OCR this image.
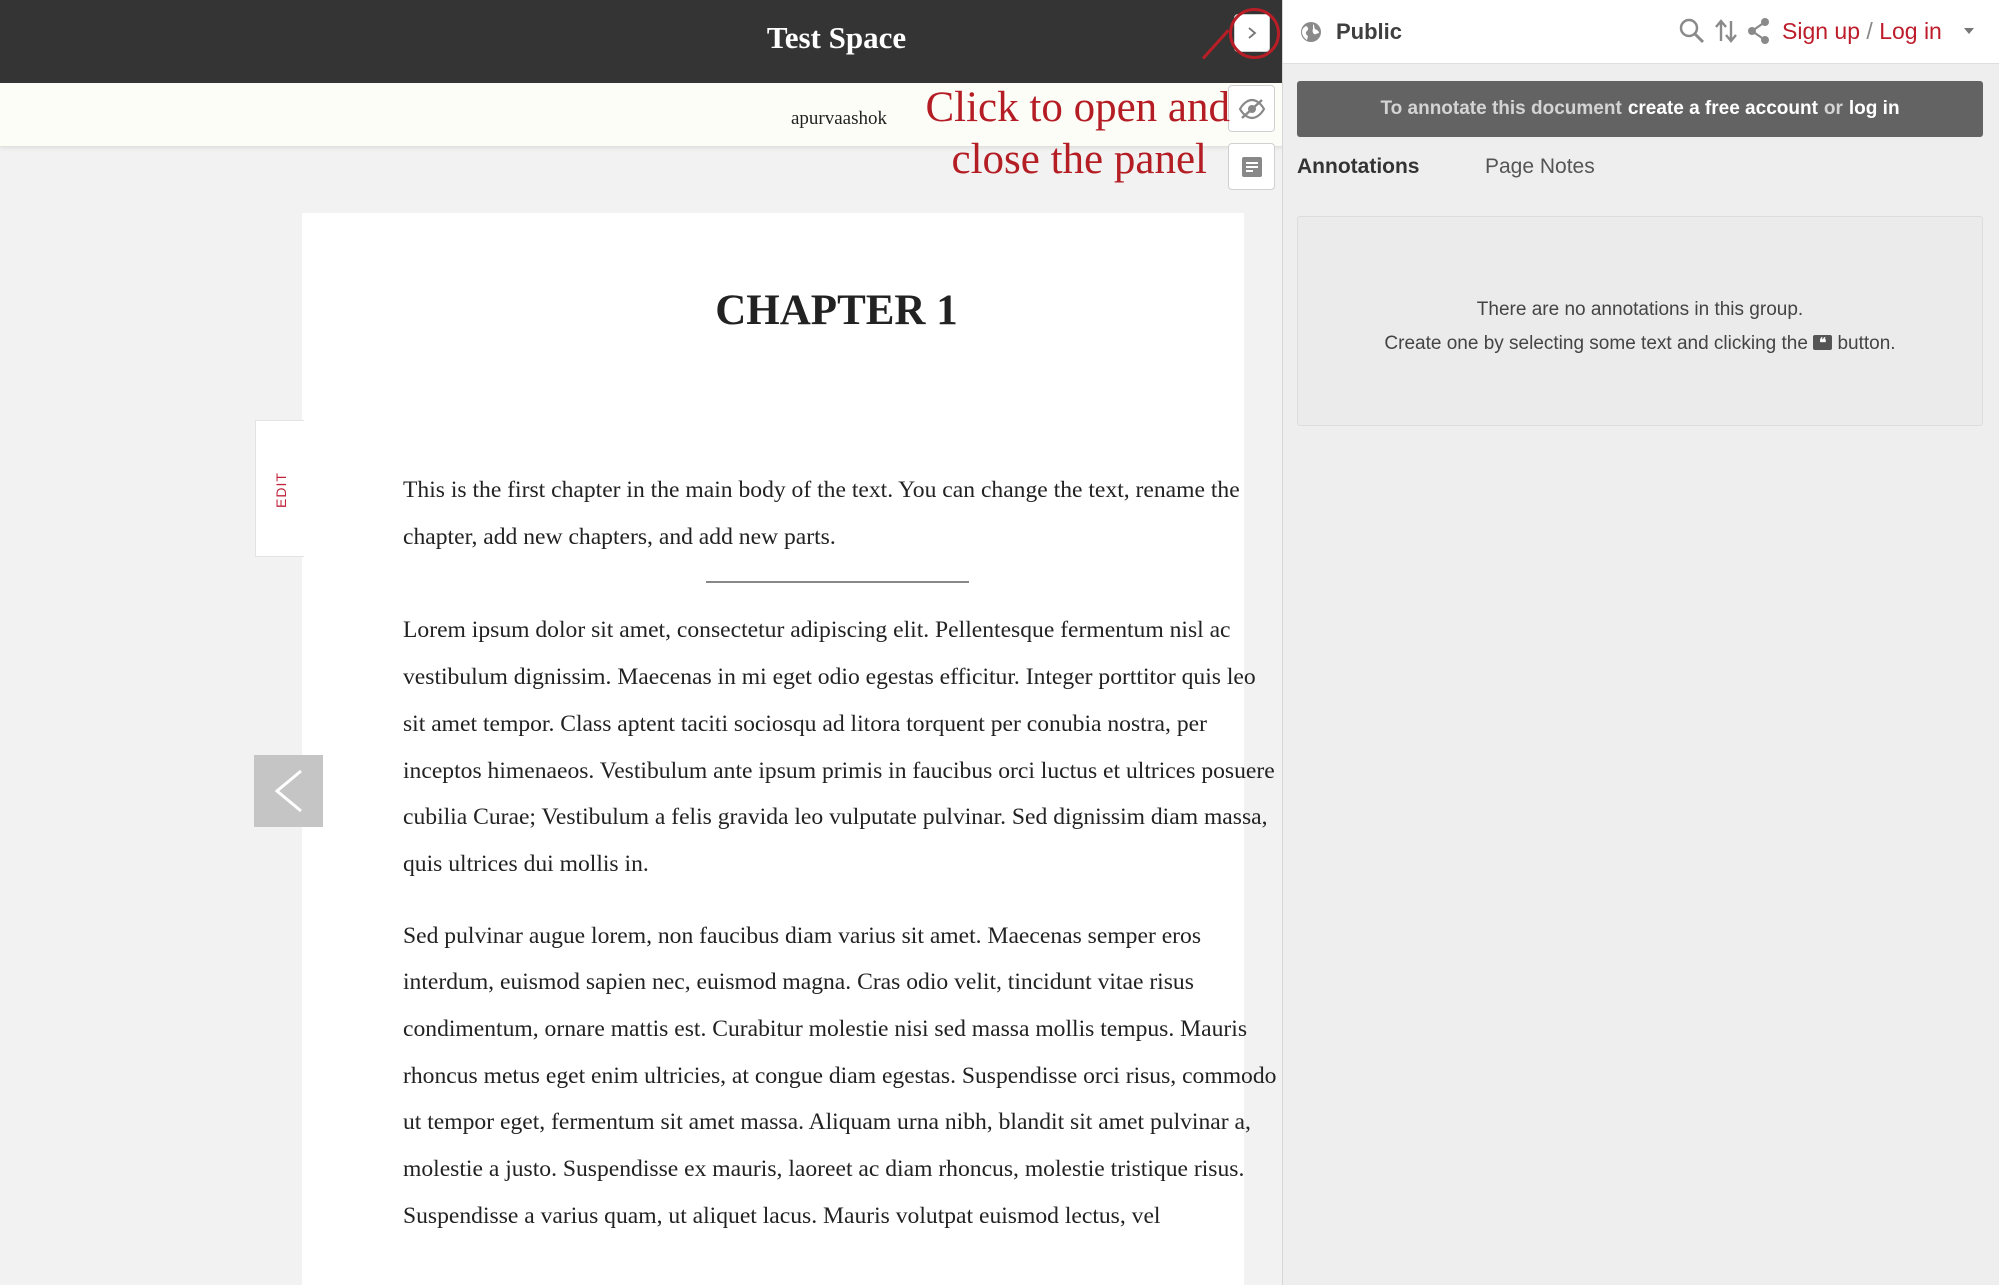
Test Space
apurvaashok
CHAPTER 1
EDIT	This is the first chapter in the main body of the text. You can change the text, rename the chapter, add new chapters, and add new parts.

Lorem ipsum dolor sit amet, consectetur adipiscing elit. Pellentesque fermentum nisl ac vestibulum dignissim. Maecenas in mi eget odio egestas efficitur. Integer porttitor quis leo sit amet tempor. Class aptent taciti sociosqu ad litora torquent per conubia nostra, per inceptos himenaeos. Vestibulum ante ipsum primis in faucibus orci luctus et ultrices posuere cubilia Curae; Vestibulum a felis gravida leo vulputate pulvinar. Sed dignissim diam massa, quis ultrices dui mollis in.

Sed pulvinar augue lorem, non faucibus diam varius sit amet. Maecenas semper eros interdum, euismod sapien nec, euismod magna. Cras odio velit, tincidunt vitae risus condimentum, ornare mattis est. Curabitur molestie nisi sed massa mollis tempus. Mauris rhoncus metus eget enim ultricies, at congue diam egestas. Suspendisse orci risus, commodo ut tempor eget, fermentum sit amet massa. Aliquam urna nibh, blandit sit amet pulvinar a, molestie a justo. Suspendisse ex mauris, laoreet ac diam rhoncus, molestie tristique risus. Suspendisse a varius quam, ut aliquet lacus. Mauris volutpat euismod lectus, vel

Public	Sign up / Log in
To annotate this document create a free account or log in
Annotations	Page Notes
There are no annotations in this group.
Create one by selecting some text and clicking the ❝ button.
Click to open and
close the panel
